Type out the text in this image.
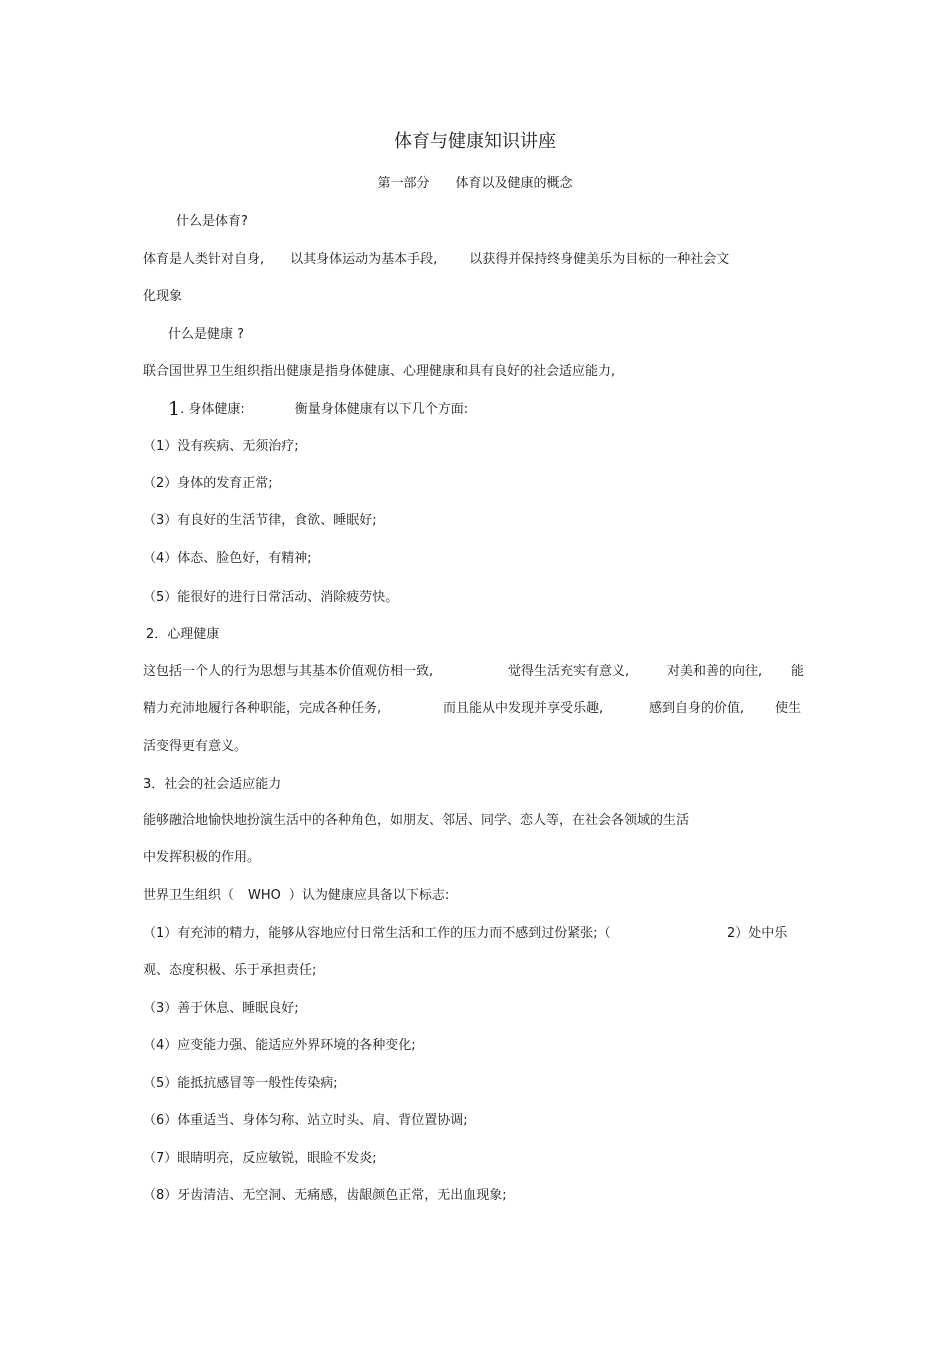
体育与健康知识讲座
第一部分 体育以及健康的概念
什么是体育?
体育是人类针对自身, 以其身体运动为基本手段, 以获得并保持终身健美乐为目标的一种社会文
化现象
什么是健康 ?
联合国世界卫生组织指出健康是指身体健康、心理健康和具有良好的社会适应能力,
1. 身体健康:	衡量身体健康有以下几个方面:
（1）没有疾病、无须治疗;
（2）身体的发育正常;
（3）有良好的生活节律，食欲、睡眠好;
（4）体态、脸色好，有精神;
（5）能很好的进行日常活动、消除疲劳快。
2．心理健康
这包括一个人的行为思想与其基本价值观仿相一致,	觉得生活充实有意义,	对美和善的向往, 能
精力充沛地履行各种职能，完成各种任务,	而且能从中发现并享受乐趣,	感到自身的价值, 使生
活变得更有意义。
3．社会的社会适应能力
能够融洽地愉快地扮演生活中的各种角色，如朋友、邻居、同学、恋人等，在社会各领域的生活
中发挥积极的作用。
世界卫生组织（ WHO ）认为健康应具备以下标志:
（1）有充沛的精力，能够从容地应付日常生活和工作的压力而不感到过份紧张;（	2）处中乐
观、态度积极、乐于承担责任;
（3）善于休息、睡眠良好;
（4）应变能力强、能适应外界环境的各种变化;
（5）能抵抗感冒等一般性传染病;
（6）体重适当、身体匀称、站立时头、肩、背位置协调;
（7）眼睛明亮，反应敏锐，眼睑不发炎;
（8）牙齿清洁、无空洞、无痛感，齿龈颜色正常，无出血现象;
